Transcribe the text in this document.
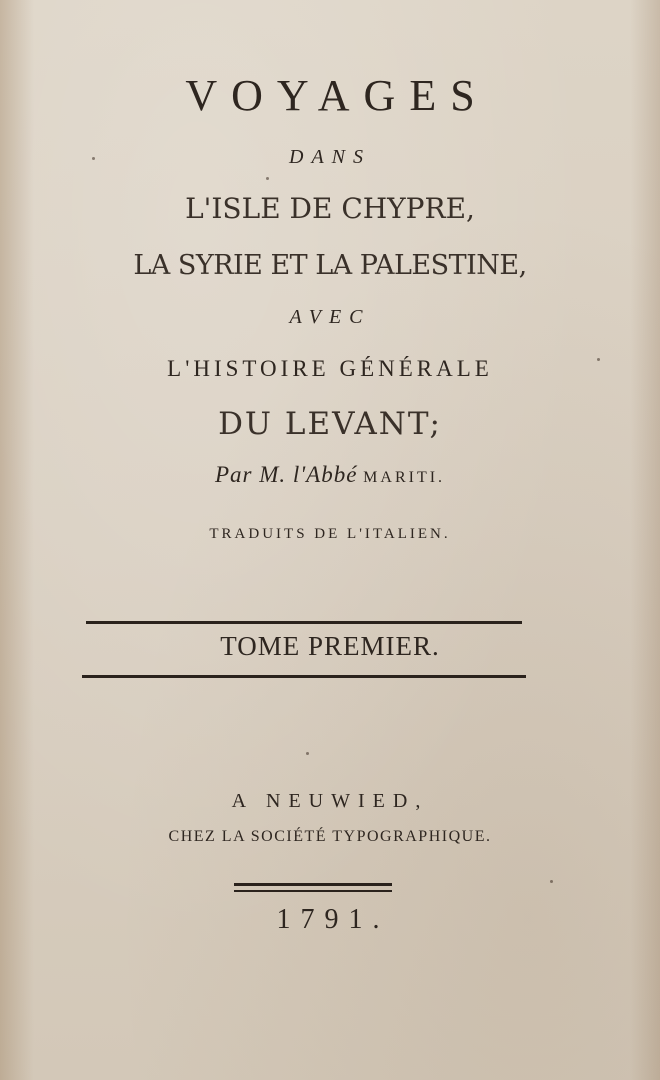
VOYAGES
DANS
L'ISLE DE CHYPRE,
LA SYRIE ET LA PALESTINE,
AVEC
L'HISTOIRE GÉNÉRALE
DU LEVANT;
Par M. l'Abbé MARITI.
TRADUITS DE L'ITALIEN.
TOME PREMIER.
A NEUWIED,
CHEZ LA SOCIÉTÉ TYPOGRAPHIQUE.
1791.
